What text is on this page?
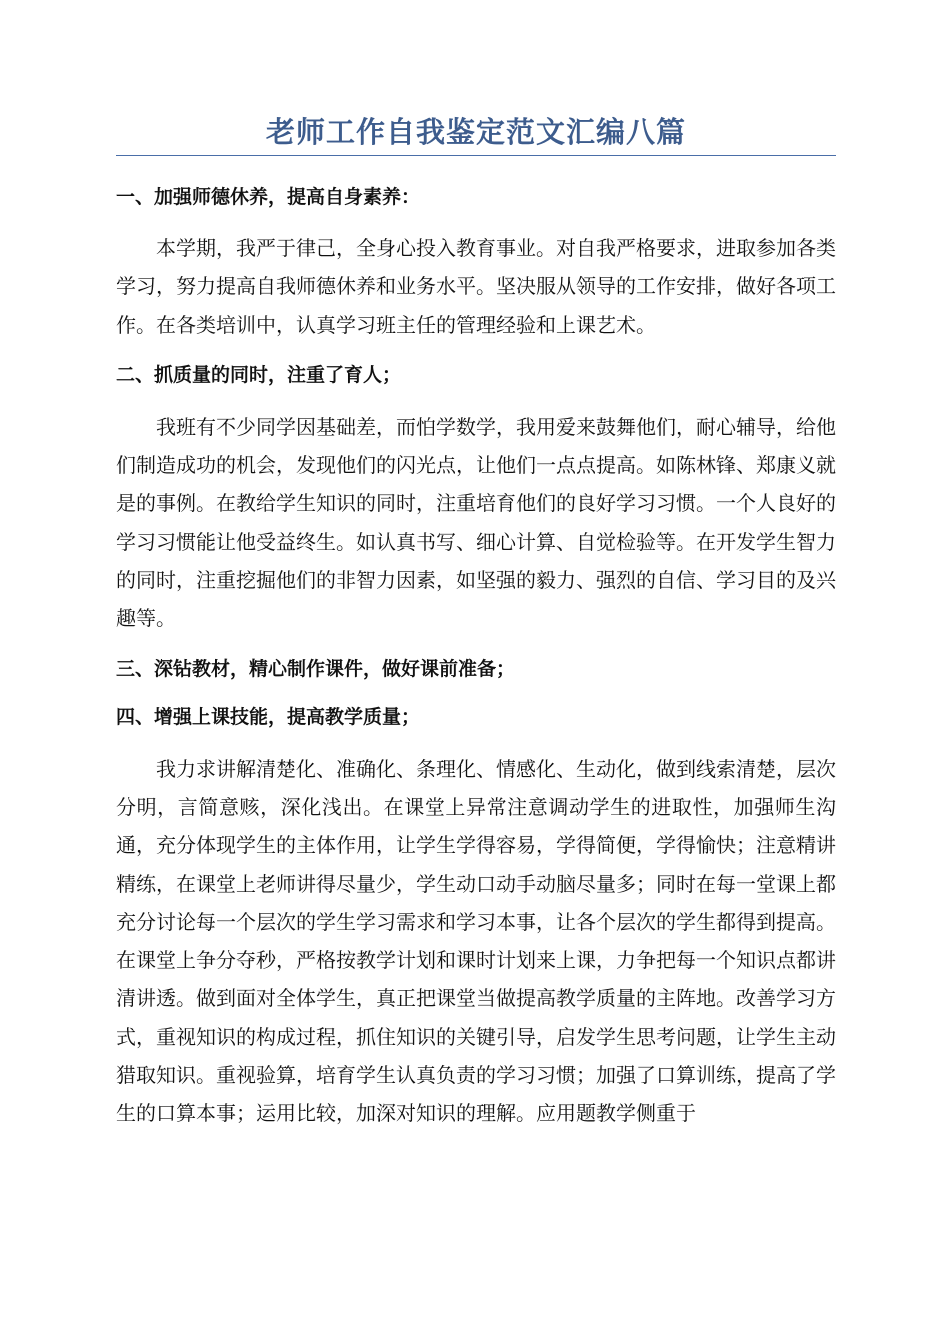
老师工作自我鉴定范文汇编八篇

一、加强师德休养，提高自身素养：

本学期，我严于律己，全身心投入教育事业。对自我严格要求，进取参加各类学习，努力提高自我师德休养和业务水平。坚决服从领导的工作安排，做好各项工作。在各类培训中，认真学习班主任的管理经验和上课艺术。

二、抓质量的同时，注重了育人；

我班有不少同学因基础差，而怕学数学，我用爱来鼓舞他们，耐心辅导，给他们制造成功的机会，发现他们的闪光点，让他们一点点提高。如陈林锋、郑康义就是的事例。在教给学生知识的同时，注重培育他们的良好学习习惯。一个人良好的学习习惯能让他受益终生。如认真书写、细心计算、自觉检验等。在开发学生智力的同时，注重挖掘他们的非智力因素，如坚强的毅力、强烈的自信、学习目的及兴趣等。

三、深钻教材，精心制作课件，做好课前准备；

四、增强上课技能，提高教学质量；

我力求讲解清楚化、准确化、条理化、情感化、生动化，做到线索清楚，层次分明，言简意赅，深化浅出。在课堂上异常注意调动学生的进取性，加强师生沟通，充分体现学生的主体作用，让学生学得容易，学得简便，学得愉快；注意精讲精练，在课堂上老师讲得尽量少，学生动口动手动脑尽量多；同时在每一堂课上都充分讨论每一个层次的学生学习需求和学习本事，让各个层次的学生都得到提高。在课堂上争分夺秒，严格按教学计划和课时计划来上课，力争把每一个知识点都讲清讲透。做到面对全体学生，真正把课堂当做提高教学质量的主阵地。改善学习方式，重视知识的构成过程，抓住知识的关键引导，启发学生思考问题，让学生主动猎取知识。重视验算，培育学生认真负责的学习习惯；加强了口算训练，提高了学生的口算本事；运用比较，加深对知识的理解。应用题教学侧重于
